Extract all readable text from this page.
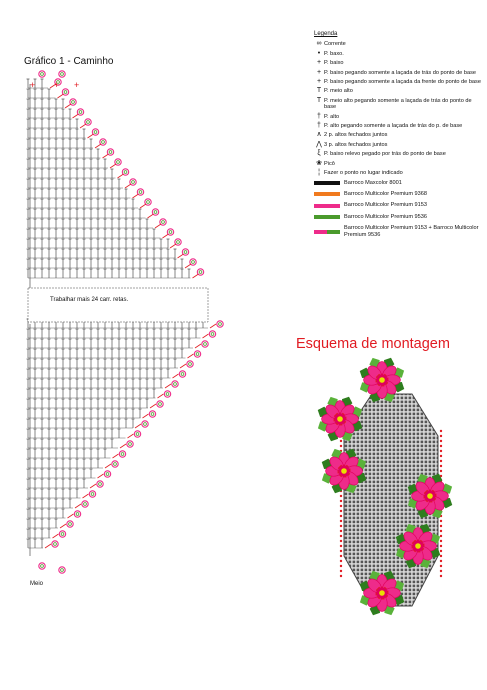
Gráfico 1 - Caminho
+ + +
Trabalhar mais 24 carr. retas.
Meio
Legenda
∞ Corrente
• P. baxo.
+ P. baixo
+ P. baixo pegando somente a laçada de trás do ponto de base
+ P. baixo pegando somente a laçada da frente do ponto de base
T P. meio alto
T P. meio alto pegando somente a laçada de trás do ponto de base
† P. alto
† P. alto pegando somente a laçada de trás do p. de base
∧ 2 p. altos fechados juntos
⋀ 3 p. altos fechados juntos
ξ P. baixo relevo pegado por trás do ponto de base
❀ Picô
¦ Fazer o ponto no lugar indicado
Barroco Maxcolor 8001
Barroco Multicolor Premium 9368
Barroco Multicolor Premium 9153
Barroco Multicolor Premium 9536
Barroco Multicolor Premium 9153 + Barroco Multicolor Premium 9536
Esquema de montagem
